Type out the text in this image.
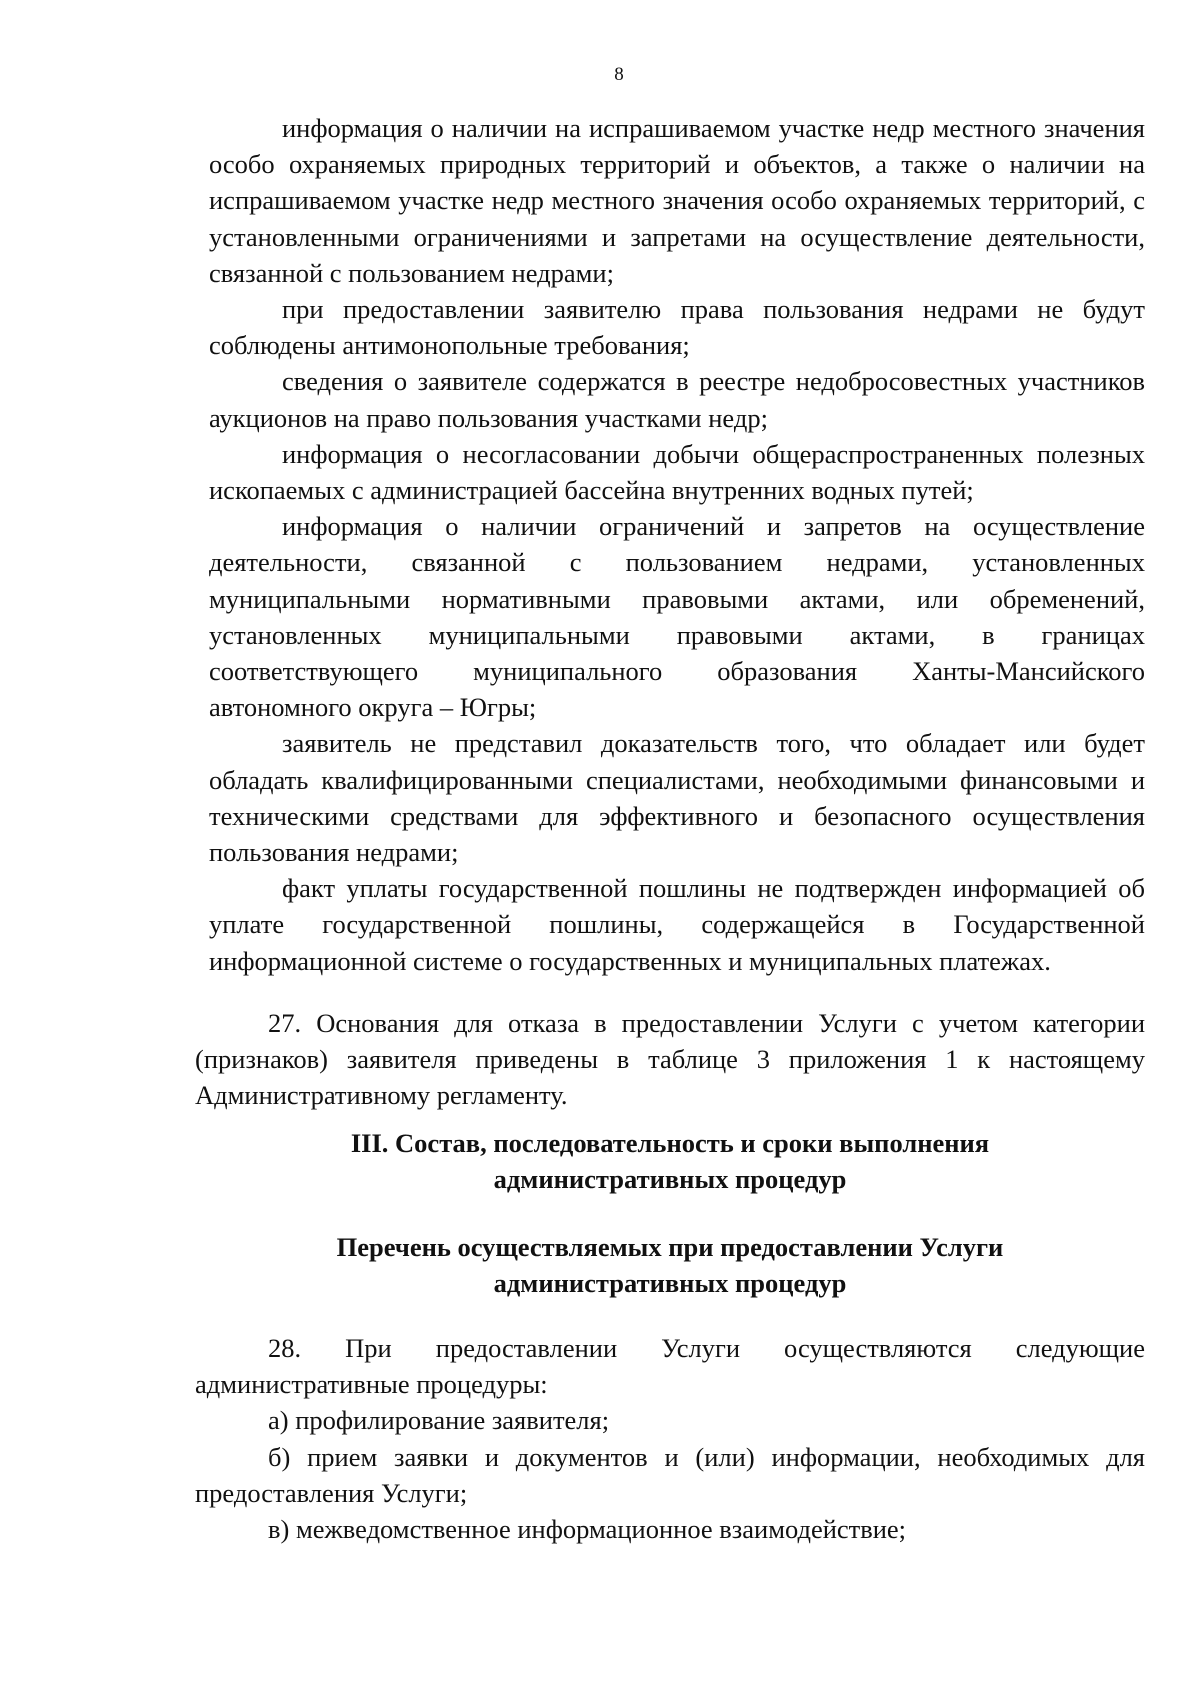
8

информация о наличии на испрашиваемом участке недр местного значения особо охраняемых природных территорий и объектов, а также о наличии на испрашиваемом участке недр местного значения особо охраняемых территорий, с установленными ограничениями и запретами на осуществление деятельности, связанной с пользованием недрами;

при предоставлении заявителю права пользования недрами не будут соблюдены антимонопольные требования;

сведения о заявителе содержатся в реестре недобросовестных участников аукционов на право пользования участками недр;

информация о несогласовании добычи общераспространенных полезных ископаемых с администрацией бассейна внутренних водных путей;

информация о наличии ограничений и запретов на осуществление деятельности, связанной с пользованием недрами, установленных муниципальными нормативными правовыми актами, или обременений, установленных муниципальными правовыми актами, в границах соответствующего муниципального образования Ханты-Мансийского автономного округа – Югры;

заявитель не представил доказательств того, что обладает или будет обладать квалифицированными специалистами, необходимыми финансовыми и техническими средствами для эффективного и безопасного осуществления пользования недрами;

факт уплаты государственной пошлины не подтвержден информацией об уплате государственной пошлины, содержащейся в Государственной информационной системе о государственных и муниципальных платежах.

27. Основания для отказа в предоставлении Услуги с учетом категории (признаков) заявителя приведены в таблице 3 приложения 1 к настоящему Административному регламенту.

III. Состав, последовательность и сроки выполнения
административных процедур
Перечень осуществляемых при предоставлении Услуги
административных процедур

28. При предоставлении Услуги осуществляются следующие административные процедуры:

а) профилирование заявителя;

б) прием заявки и документов и (или) информации, необходимых для предоставления Услуги;

в) межведомственное информационное взаимодействие;
